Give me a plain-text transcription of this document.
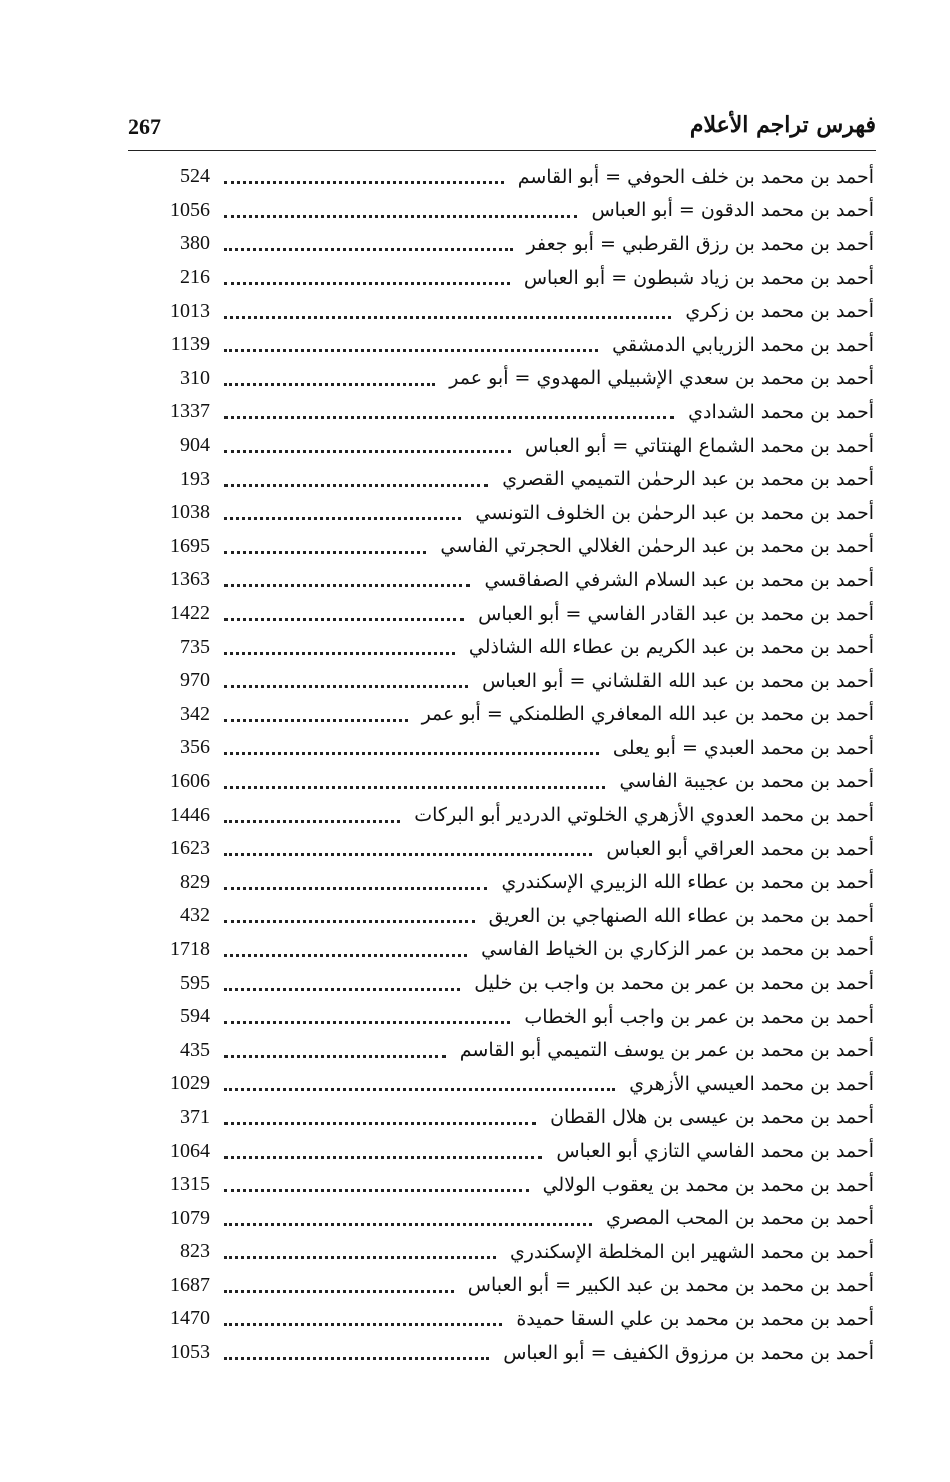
267	فهرس تراجم الأعلام
أحمد بن محمد بن خلف الحوفي = أبو القاسم
524
أحمد بن محمد الدقون = أبو العباس
1056
أحمد بن محمد بن رزق القرطبي = أبو جعفر
380
أحمد بن محمد بن زياد شبطون = أبو العباس
216
أحمد بن محمد بن زكري
1013
أحمد بن محمد الزريابي الدمشقي
1139
أحمد بن محمد بن سعدي الإشبيلي المهدوي = أبو عمر
310
أحمد بن محمد الشدادي
1337
أحمد بن محمد الشماع الهنتاتي = أبو العباس
904
أحمد بن محمد بن عبد الرحمٰن التميمي القصري
193
أحمد بن محمد بن عبد الرحمٰن بن الخلوف التونسي
1038
أحمد بن محمد بن عبد الرحمٰن الغلالي الحجرتي الفاسي
1695
أحمد بن محمد بن عبد السلام الشرفي الصفاقسي
1363
أحمد بن محمد بن عبد القادر الفاسي = أبو العباس
1422
أحمد بن محمد بن عبد الكريم بن عطاء الله الشاذلي
735
أحمد بن محمد بن عبد الله القلشاني = أبو العباس
970
أحمد بن محمد بن عبد الله المعافري الطلمنكي = أبو عمر
342
أحمد بن محمد العبدي = أبو يعلى
356
أحمد بن محمد بن عجيبة الفاسي
1606
أحمد بن محمد العدوي الأزهري الخلوتي الدردير أبو البركات
1446
أحمد بن محمد العراقي أبو العباس
1623
أحمد بن محمد بن عطاء الله الزبيري الإسكندري
829
أحمد بن محمد بن عطاء الله الصنهاجي بن العريق
432
أحمد بن محمد بن عمر الزكاري بن الخياط الفاسي
1718
أحمد بن محمد بن عمر بن محمد بن واجب بن خليل
595
أحمد بن محمد بن عمر بن واجب أبو الخطاب
594
أحمد بن محمد بن عمر بن يوسف التميمي أبو القاسم
435
أحمد بن محمد العيسي الأزهري
1029
أحمد بن محمد بن عيسى بن هلال القطان
371
أحمد بن محمد الفاسي التازي أبو العباس
1064
أحمد بن محمد بن محمد بن يعقوب الولالي
1315
أحمد بن محمد بن المحب المصري
1079
أحمد بن محمد الشهير ابن المخلطة الإسكندري
823
أحمد بن محمد بن محمد بن عبد الكبير = أبو العباس
1687
أحمد بن محمد بن محمد بن علي السقا حميدة
1470
أحمد بن محمد بن مرزوق الكفيف = أبو العباس
1053
